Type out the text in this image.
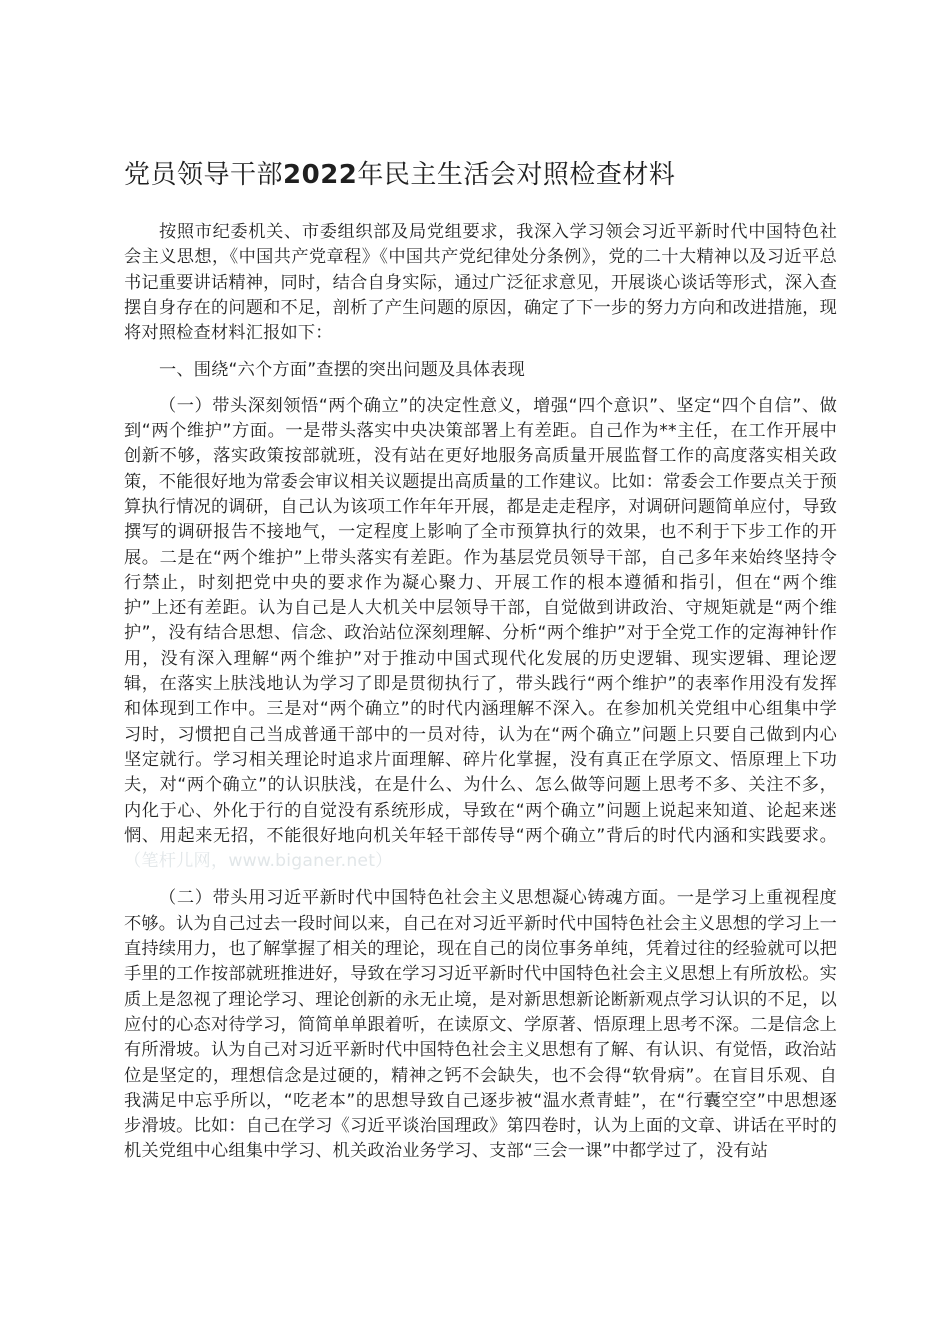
党员领导干部2022年民主生活会对照检查材料

按照市纪委机关、市委组织部及局党组要求，我深入学习领会习近平新时代中国特色社会主义思想，《中国共产党章程》《中国共产党纪律处分条例》，党的二十大精神以及习近平总书记重要讲话精神，同时，结合自身实际，通过广泛征求意见，开展谈心谈话等形式，深入查摆自身存在的问题和不足，剖析了产生问题的原因，确定了下一步的努力方向和改进措施，现将对照检查材料汇报如下：

一、围绕“六个方面”查摆的突出问题及具体表现

（一）带头深刻领悟“两个确立”的决定性意义，增强“四个意识”、坚定“四个自信”、做到“两个维护”方面。一是带头落实中央决策部署上有差距。自己作为**主任，在工作开展中创新不够，落实政策按部就班，没有站在更好地服务高质量开展监督工作的高度落实相关政策，不能很好地为常委会审议相关议题提出高质量的工作建议。比如：常委会工作要点关于预算执行情况的调研，自己认为该项工作年年开展，都是走走程序，对调研问题简单应付，导致撰写的调研报告不接地气，一定程度上影响了全市预算执行的效果，也不利于下步工作的开展。二是在“两个维护”上带头落实有差距。作为基层党员领导干部，自己多年来始终坚持令行禁止，时刻把党中央的要求作为凝心聚力、开展工作的根本遵循和指引，但在“两个维护”上还有差距。认为自己是人大机关中层领导干部，自觉做到讲政治、守规矩就是“两个维护”，没有结合思想、信念、政治站位深刻理解、分析“两个维护”对于全党工作的定海神针作用，没有深入理解“两个维护”对于推动中国式现代化发展的历史逻辑、现实逻辑、理论逻辑，在落实上肤浅地认为学习了即是贯彻执行了，带头践行“两个维护”的表率作用没有发挥和体现到工作中。三是对“两个确立”的时代内涵理解不深入。在参加机关党组中心组集中学习时，习惯把自己当成普通干部中的一员对待，认为在“两个确立”问题上只要自己做到内心坚定就行。学习相关理论时追求片面理解、碎片化掌握，没有真正在学原文、悟原理上下功夫，对“两个确立”的认识肤浅，在是什么、为什么、怎么做等问题上思考不多、关注不多，内化于心、外化于行的自觉没有系统形成，导致在“两个确立”问题上说起来知道、论起来迷惘、用起来无招，不能很好地向机关年轻干部传导“两个确立”背后的时代内涵和实践要求。（笔杆儿网，www.biganer.net）

（二）带头用习近平新时代中国特色社会主义思想凝心铸魂方面。一是学习上重视程度不够。认为自己过去一段时间以来，自己在对习近平新时代中国特色社会主义思想的学习上一直持续用力，也了解掌握了相关的理论，现在自己的岗位事务单纯，凭着过往的经验就可以把手里的工作按部就班推进好，导致在学习习近平新时代中国特色社会主义思想上有所放松。实质上是忽视了理论学习、理论创新的永无止境，是对新思想新论断新观点学习认识的不足，以应付的心态对待学习，简简单单跟着听，在读原文、学原著、悟原理上思考不深。二是信念上有所滑坡。认为自己对习近平新时代中国特色社会主义思想有了解、有认识、有觉悟，政治站位是坚定的，理想信念是过硬的，精神之钙不会缺失，也不会得“软骨病”。在盲目乐观、自我满足中忘乎所以，“吃老本”的思想导致自己逐步被“温水煮青蛙”，在“行囊空空”中思想逐步滑坡。比如：自己在学习《习近平谈治国理政》第四卷时，认为上面的文章、讲话在平时的机关党组中心组集中学习、机关政治业务学习、支部“三会一课”中都学过了，没有站
